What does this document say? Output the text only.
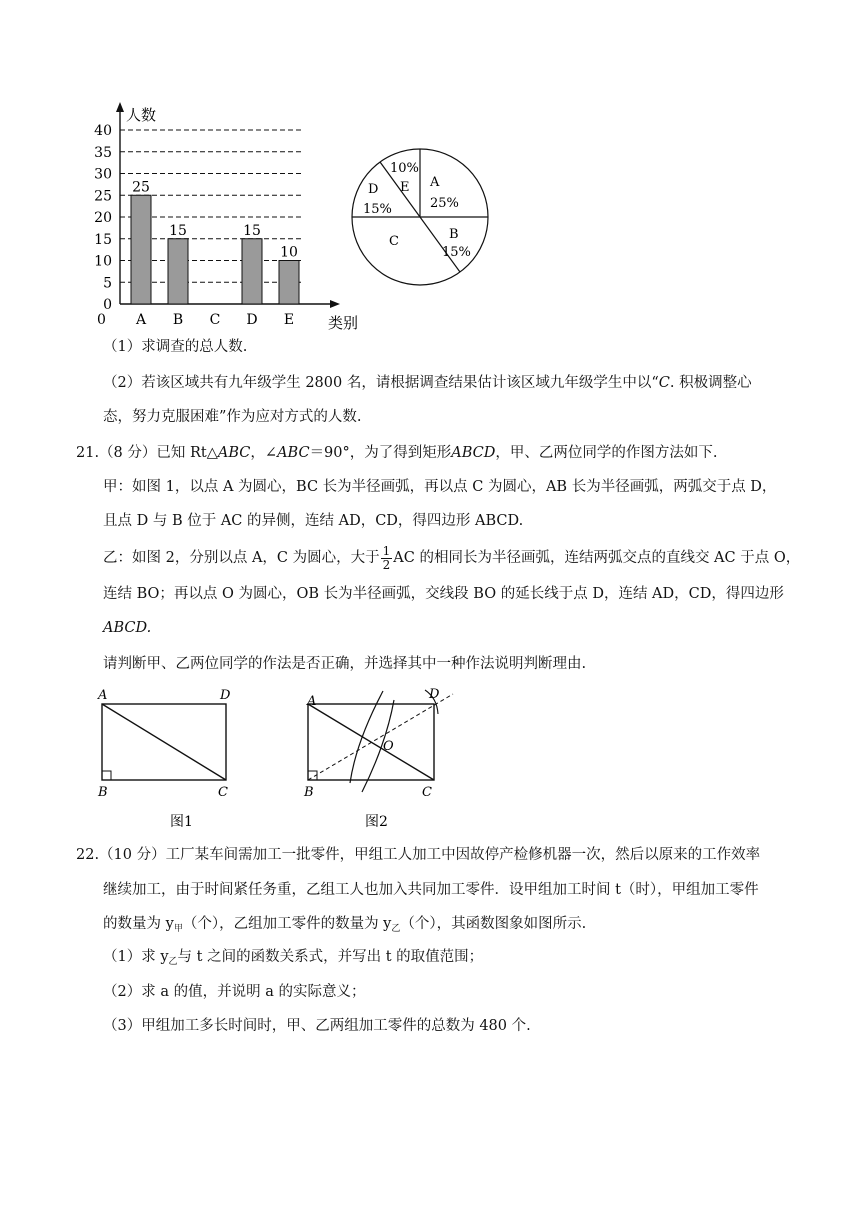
人数
类别
0
0
5
10
15
20
25
30
35
40
A B C D E
25
15	15
10
10%
E
D
15%
A
25%
C	B
15%
（1）求调查的总人数.
（2）若该区域共有九年级学生 2800 名，请根据调查结果估计该区域九年级学生中以“C. 积极调整心
态，努力克服困难”作为应对方式的人数.
21.（8 分）已知 Rt△ABC，∠ABC＝90°，为了得到矩形ABCD，甲、乙两位同学的作图方法如下.
甲：如图 1，以点 A 为圆心，BC 长为半径画弧，再以点 C 为圆心，AB 长为半径画弧，两弧交于点 D，
且点 D 与 B 位于 AC 的异侧，连结 AD，CD，得四边形 ABCD.
乙：如图 2，分别以点 A，C 为圆心，大于 $\frac{1}{2}$ AC 的相同长为半径画弧，连结两弧交点的直线交 AC 于点 O，
连结 BO；再以点 O 为圆心，OB 长为半径画弧，交线段 BO 的延长线于点 D，连结 AD，CD，得四边形
ABCD.
请判断甲、乙两位同学的作法是否正确，并选择其中一种作法说明判断理由.
A	D
B	C
图1
A	D
O
B	C
图2
22.（10 分）工厂某车间需加工一批零件，甲组工人加工中因故停产检修机器一次，然后以原来的工作效率
继续加工，由于时间紧任务重，乙组工人也加入共同加工零件．设甲组加工时间 t（时），甲组加工零件
的数量为 $y_甲$（个），乙组加工零件的数量为 $y_乙$（个），其函数图象如图所示.
（1）求 $y_乙$与 t 之间的函数关系式，并写出 t 的取值范围；
（2）求 a 的值，并说明 a 的实际意义；
（3）甲组加工多长时间时，甲、乙两组加工零件的总数为 480 个.
